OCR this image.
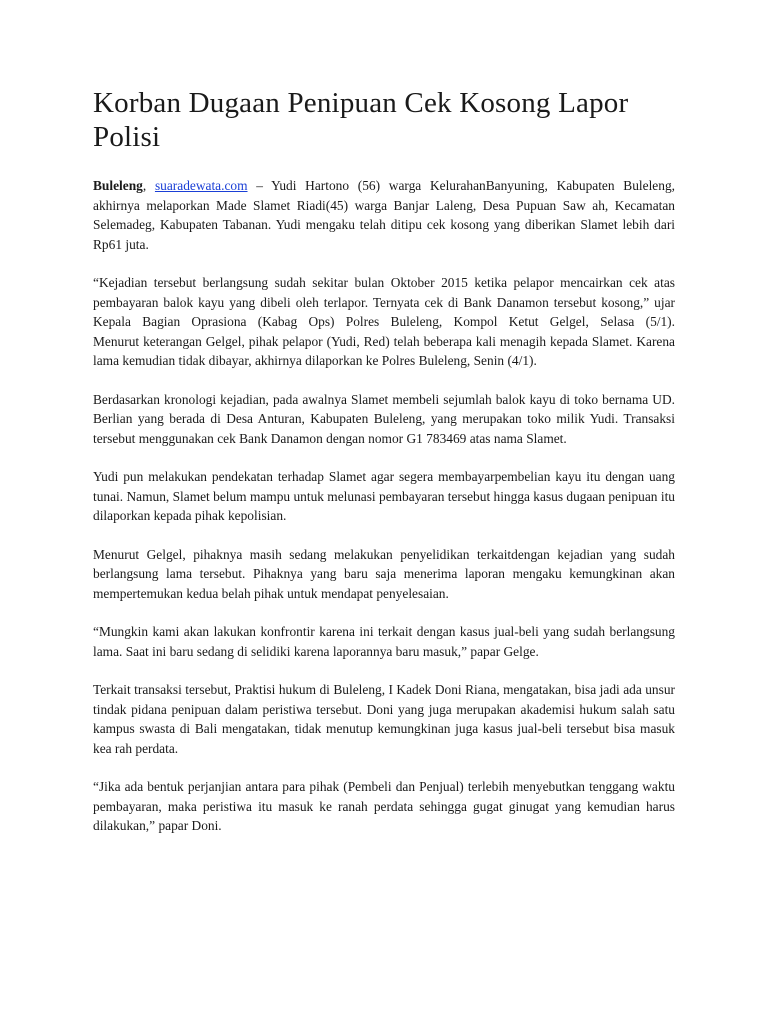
Korban Dugaan Penipuan Cek Kosong Lapor Polisi

Buleleng, suaradewata.com – Yudi Hartono (56) warga KelurahanBanyuning, Kabupaten Buleleng, akhirnya melaporkan Made Slamet Riadi(45) warga Banjar Laleng, Desa Pupuan Saw ah, Kecamatan Selemadeg, Kabupaten Tabanan. Yudi mengaku telah ditipu cek kosong yang diberikan Slamet lebih dari Rp61 juta.

“Kejadian tersebut berlangsung sudah sekitar bulan Oktober 2015 ketika pelapor mencairkan cek atas pembayaran balok kayu yang dibeli oleh terlapor. Ternyata cek di Bank Danamon tersebut kosong,” ujar Kepala Bagian Oprasiona (Kabag Ops) Polres Buleleng, Kompol Ketut Gelgel, Selasa (5/1).
Menurut keterangan Gelgel, pihak pelapor (Yudi, Red) telah beberapa kali menagih kepada Slamet. Karena lama kemudian tidak dibayar, akhirnya dilaporkan ke Polres Buleleng, Senin (4/1).

Berdasarkan kronologi kejadian, pada awalnya Slamet membeli sejumlah balok kayu di toko bernama UD. Berlian yang berada di Desa Anturan, Kabupaten Buleleng, yang merupakan toko milik Yudi. Transaksi tersebut menggunakan cek Bank Danamon dengan nomor G1 783469 atas nama Slamet.

Yudi pun melakukan pendekatan terhadap Slamet agar segera membayarpembelian kayu itu dengan uang tunai. Namun, Slamet belum mampu untuk melunasi pembayaran tersebut hingga kasus dugaan penipuan itu dilaporkan kepada pihak kepolisian.

Menurut Gelgel, pihaknya masih sedang melakukan penyelidikan terkaitdengan kejadian yang sudah berlangsung lama tersebut. Pihaknya yang baru saja menerima laporan mengaku kemungkinan akan mempertemukan kedua belah pihak untuk mendapat penyelesaian.

“Mungkin kami akan lakukan konfrontir karena ini terkait dengan kasus jual-beli yang sudah berlangsung lama. Saat ini baru sedang di selidiki karena laporannya baru masuk,” papar Gelge.

Terkait transaksi tersebut, Praktisi hukum di Buleleng, I Kadek Doni Riana, mengatakan, bisa jadi ada unsur tindak pidana penipuan dalam peristiwa tersebut. Doni yang juga merupakan akademisi hukum salah satu kampus swasta di Bali mengatakan, tidak menutup kemungkinan juga kasus jual-beli tersebut bisa masuk kea rah perdata.

“Jika ada bentuk perjanjian antara para pihak (Pembeli dan Penjual) terlebih menyebutkan tenggang waktu pembayaran, maka peristiwa itu masuk ke ranah perdata sehingga gugat ginugat yang kemudian harus dilakukan,” papar Doni.
